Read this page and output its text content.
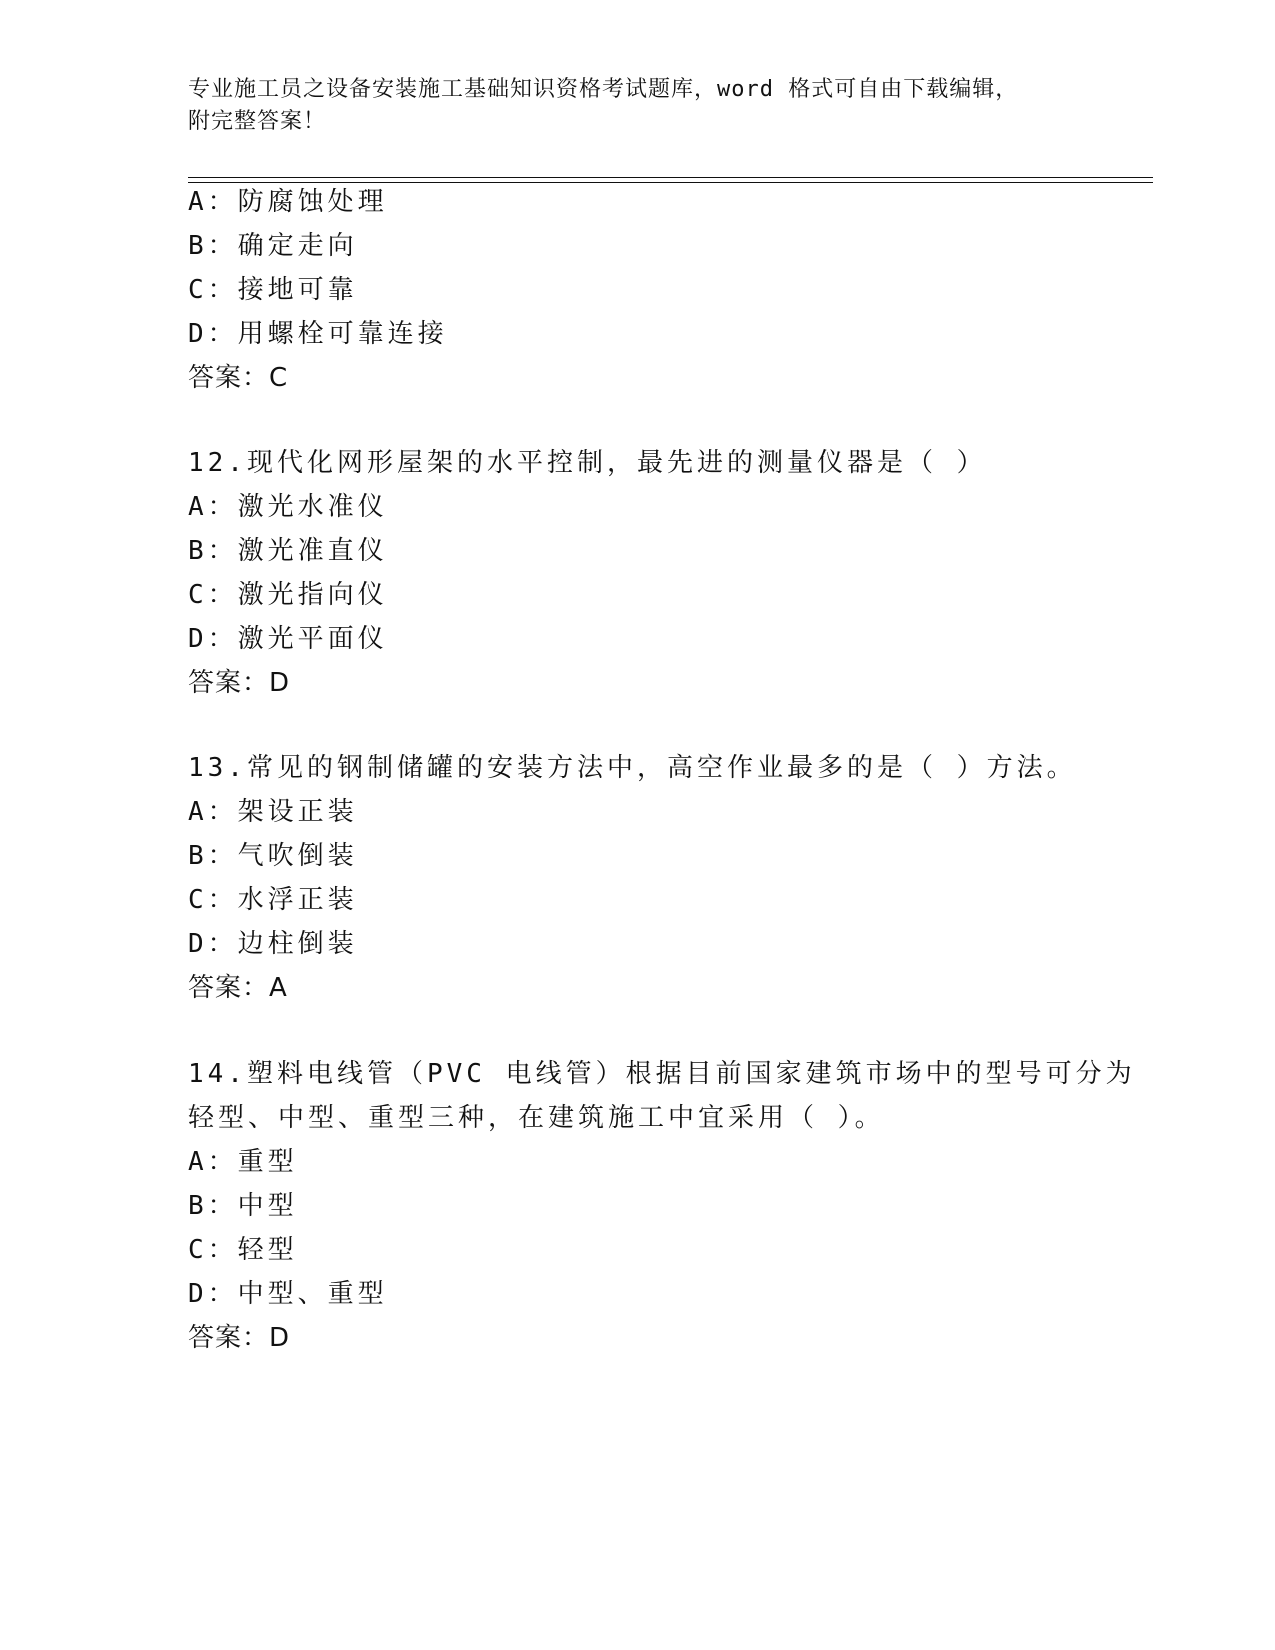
专业施工员之设备安装施工基础知识资格考试题库，word 格式可自由下载编辑，
附完整答案！
A：防腐蚀处理
B：确定走向
C：接地可靠
D：用螺栓可靠连接
答案：C
12.现代化网形屋架的水平控制，最先进的测量仪器是（ ）
A：激光水准仪
B：激光准直仪
C：激光指向仪
D：激光平面仪
答案：D
13.常见的钢制储罐的安装方法中，高空作业最多的是（ ）方法。
A：架设正装
B：气吹倒装
C：水浮正装
D：边柱倒装
答案：A
14.塑料电线管（PVC 电线管）根据目前国家建筑市场中的型号可分为
轻型、中型、重型三种，在建筑施工中宜采用（ ）。
A：重型
B：中型
C：轻型
D：中型、重型
答案：D
